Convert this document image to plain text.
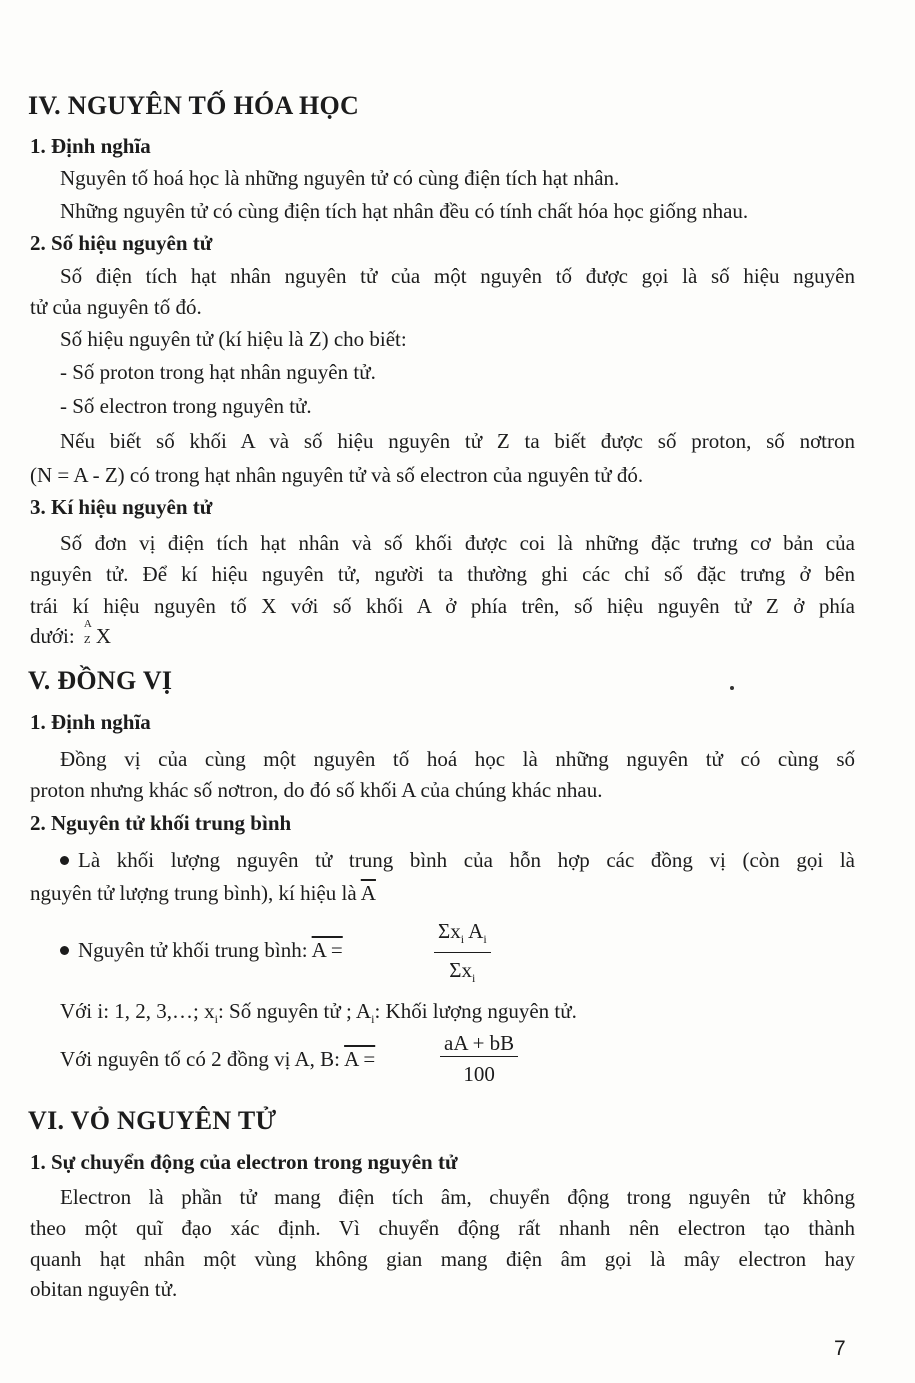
IV. NGUYÊN TỐ HÓA HỌC
1. Định nghĩa
Nguyên tố hoá học là những nguyên tử có cùng điện tích hạt nhân.
Những nguyên tử có cùng điện tích hạt nhân đều có tính chất hóa học giống nhau.
2. Số hiệu nguyên tử
Số điện tích hạt nhân nguyên tử của một nguyên tố được gọi là số hiệu nguyên
tử của nguyên tố đó.
Số hiệu nguyên tử (kí hiệu là Z) cho biết:
- Số proton trong hạt nhân nguyên tử.
- Số electron trong nguyên tử.
Nếu biết số khối A và số hiệu nguyên tử Z ta biết được số proton, số nơtron
(N = A - Z) có trong hạt nhân nguyên tử và số electron của nguyên tử đó.
3. Kí hiệu nguyên tử
Số đơn vị điện tích hạt nhân và số khối được coi là những đặc trưng cơ bản của
nguyên tử. Để kí hiệu nguyên tử, người ta thường ghi các chỉ số đặc trưng ở bên
trái kí hiệu nguyên tố X với số khối A ở phía trên, số hiệu nguyên tử Z ở phía
dưới: A
Z X
V. ĐỒNG VỊ
1. Định nghĩa
Đồng vị của cùng một nguyên tố hoá học là những nguyên tử có cùng số
proton nhưng khác số nơtron, do đó số khối A của chúng khác nhau.
2. Nguyên tử khối trung bình
Là khối lượng nguyên tử trung bình của hỗn hợp các đồng vị (còn gọi là
nguyên tử lượng trung bình), kí hiệu là $\overline{A}$
Nguyên tử khối trung bình: A =
$\Sigma x_i$ $A_i$
$\Sigma x_i$
Với i: 1, 2, 3,…; $x_i$: Số nguyên tử ; $A_i$: Khối lượng nguyên tử.
Với nguyên tố có 2 đồng vị A, B: A =	$\frac{aA + bB}{100}$
VI. VỎ NGUYÊN TỬ
1. Sự chuyển động của electron trong nguyên tử
Electron là phần tử mang điện tích âm, chuyển động trong nguyên tử không
theo một quĩ đạo xác định. Vì chuyển động rất nhanh nên electron tạo thành
quanh hạt nhân một vùng không gian mang điện âm gọi là mây electron hay
obitan nguyên tử.
7
